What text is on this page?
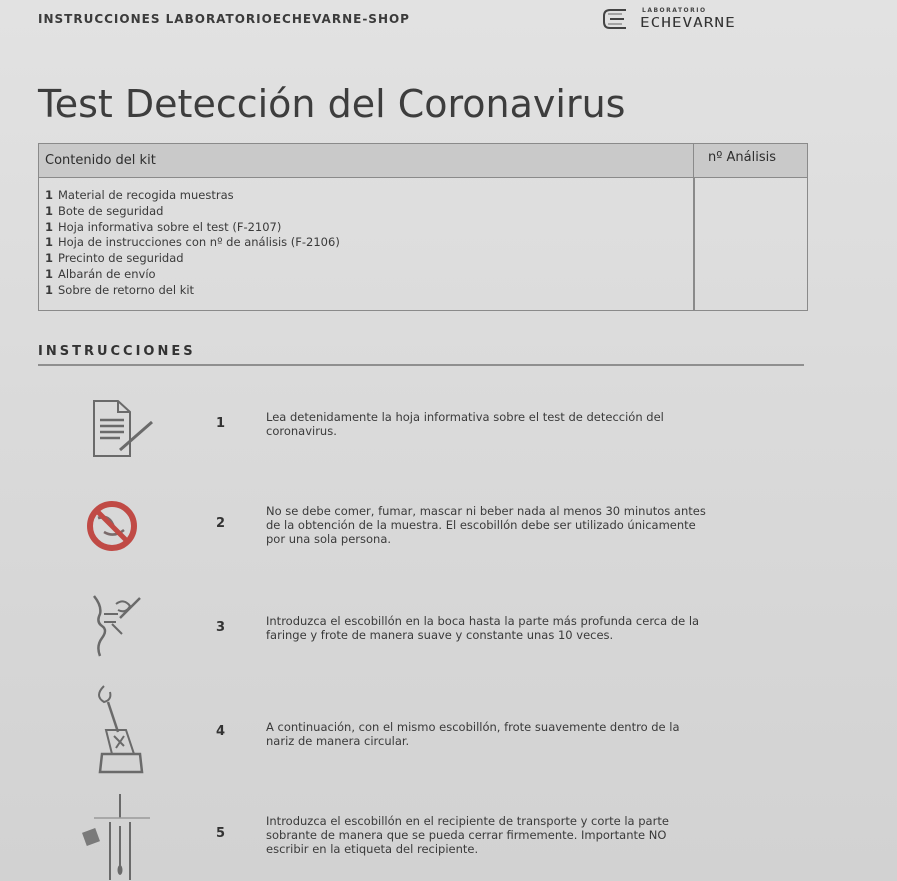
INSTRUCCIONES LABORATORIOECHEVARNE-SHOP
LABORATORIO
ECHEVARNE
Test Detección del Coronavirus
Contenido del kit	nº Análisis
1 Material de recogida muestras
1 Bote de seguridad
1 Hoja informativa sobre el test (F-2107)
1 Hoja de instrucciones con nº de análisis (F-2106)
1 Precinto de seguridad
1 Albarán de envío
1 Sobre de retorno del kit
INSTRUCCIONES
1	Lea detenidamente la hoja informativa sobre el test de detección del
coronavirus.
2
No se debe comer, fumar, mascar ni beber nada al menos 30 minutos antes
de la obtención de la muestra. El escobillón debe ser utilizado únicamente
por una sola persona.
3	Introduzca el escobillón en la boca hasta la parte más profunda cerca de la
faringe y frote de manera suave y constante unas 10 veces.
4	A continuación, con el mismo escobillón, frote suavemente dentro de la
nariz de manera circular.
5
Introduzca el escobillón en el recipiente de transporte y corte la parte
sobrante de manera que se pueda cerrar firmemente. Importante NO
escribir en la etiqueta del recipiente.
